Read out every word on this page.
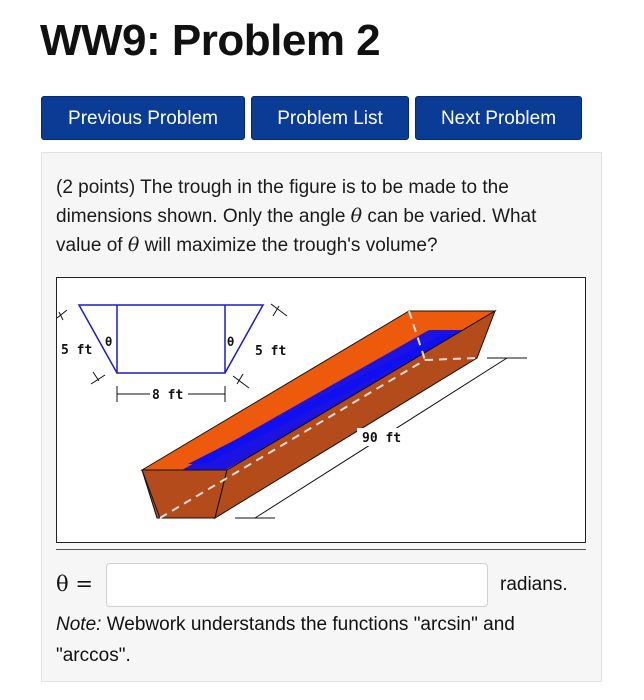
WW9: Problem 2
Previous Problem	Problem List	Next Problem

(2 points) The trough in the figure is to be made to the dimensions shown. Only the angle θ can be varied. What value of θ will maximize the trough's volume?

5 ft	5 ft
8 ft
θ	θ
90 ft
θ =	radians.

Note: Webwork understands the functions "arcsin" and "arccos".
